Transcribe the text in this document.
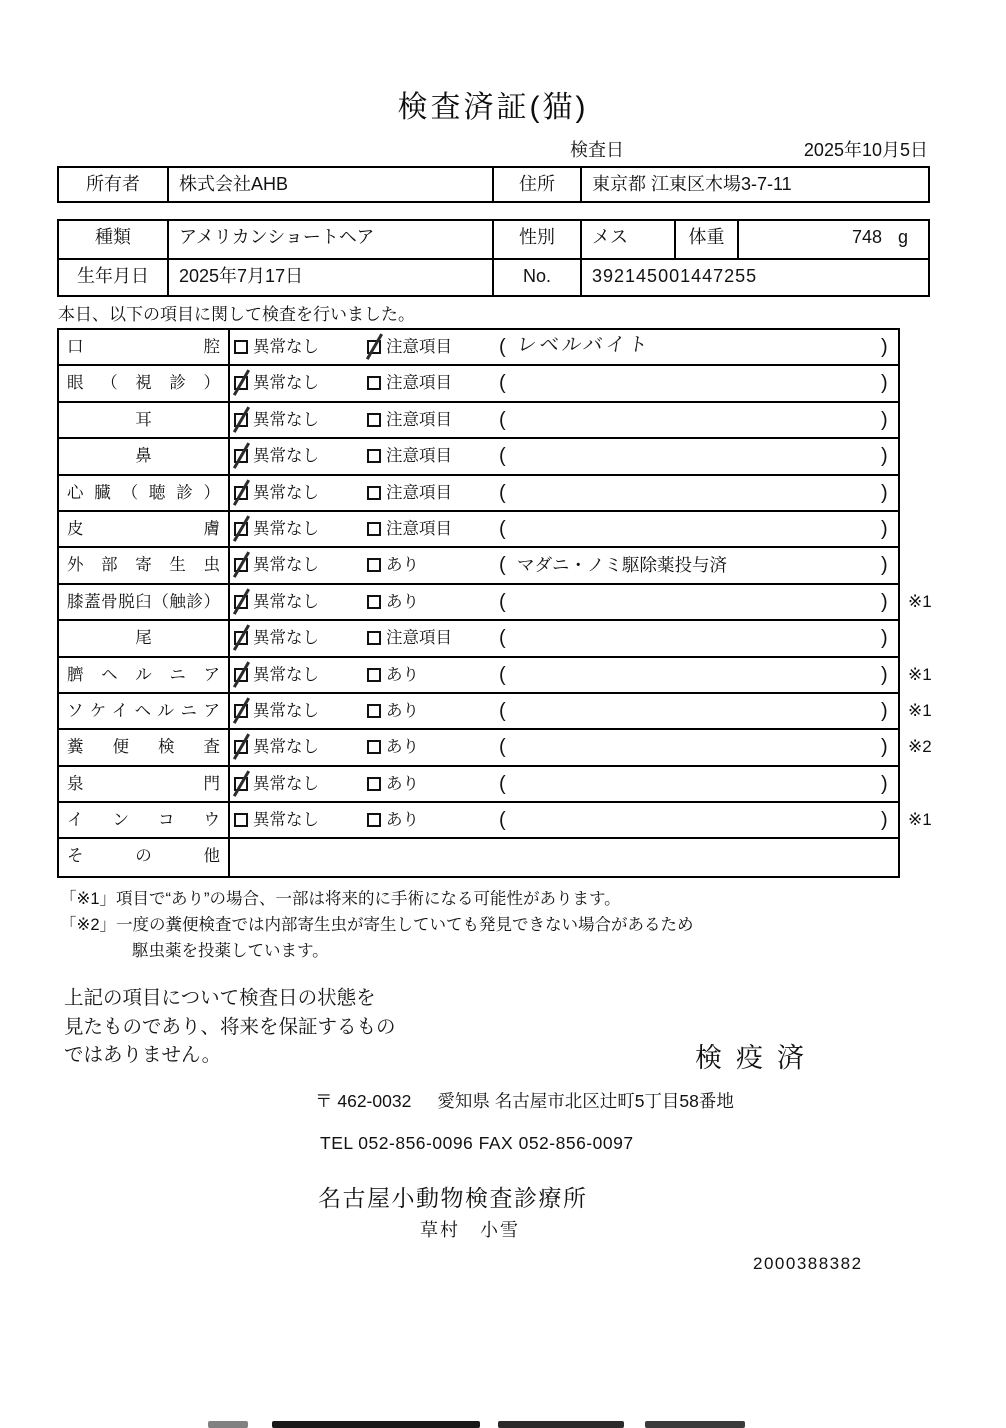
検査済証(猫)
検査日	2025年10月5日
所有者	株式会社AHB	住所	東京都 江東区木場3-7-11
種類	アメリカンショートヘア	性別	メス	体重	748 g
生年月日	2025年7月17日	No.	392145001447255
本日、以下の項目に関して検査を行いました。
口腔	異常なし	注意項目 ( レベルバイト	)
眼（視診）	異常なし	注意項目 (	)
耳	異常なし	注意項目 (	)
鼻	異常なし	注意項目 (	)
心臓（聴診）	異常なし	注意項目 (	)
皮膚	異常なし	注意項目 (	)
外部寄生虫	異常なし	あり	( マダニ・ノミ駆除薬投与済	)
膝蓋骨脱臼（触診）	異常なし	あり	(	) ※1
尾	異常なし	注意項目 (	)
臍ヘルニア	異常なし	あり	(	) ※1
ソケイヘルニア	異常なし	あり	(	) ※1
糞便検査	異常なし	あり	(	) ※2
泉門	異常なし	あり	(	)
インコウ	異常なし	あり	(	) ※1
その他
「※1」項目で“あり”の場合、一部は将来的に手術になる可能性があります。
「※2」一度の糞便検査では内部寄生虫が寄生していても発見できない場合があるため
駆虫薬を投薬しています。
上記の項目について検査日の状態を
見たものであり、将来を保証するもの
ではありません。	検疫済
〒 462-0032 愛知県 名古屋市北区辻町5丁目58番地
TEL 052-856-0096 FAX 052-856-0097
名古屋小動物検査診療所
草村　小雪
2000388382
